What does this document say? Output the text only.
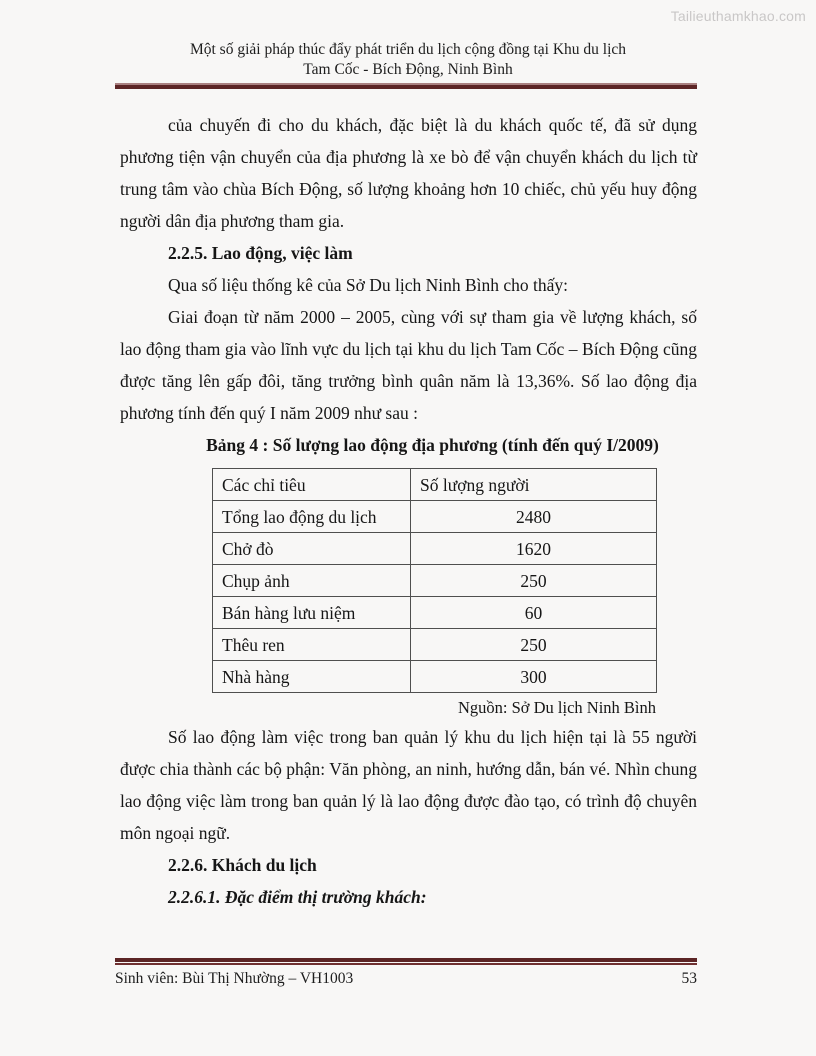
Tailieuthamkhao.com
Một số giải pháp thúc đẩy phát triển du lịch cộng đồng tại Khu du lịch
Tam Cốc - Bích Động, Ninh Bình

của chuyến đi cho du khách, đặc biệt là du khách quốc tế, đã sử dụng phương tiện vận chuyển của địa phương là xe bò để vận chuyển khách du lịch từ trung tâm vào chùa Bích Động, số lượng khoảng hơn 10 chiếc, chủ yếu huy động người dân địa phương tham gia.

2.2.5. Lao động, việc làm

Qua số liệu thống kê của Sở Du lịch Ninh Bình cho thấy:

Giai đoạn từ năm 2000 – 2005, cùng với sự tham gia về lượng khách, số lao động tham gia vào lĩnh vực du lịch tại khu du lịch Tam Cốc – Bích Động cũng được tăng lên gấp đôi, tăng trưởng bình quân năm là 13,36%. Số lao động địa phương tính đến quý I năm 2009 như sau :

Bảng 4 : Số lượng lao động địa phương (tính đến quý I/2009)

Các chỉ tiêu	Số lượng người
Tổng lao động du lịch	2480
Chở đò	1620
Chụp ảnh	250
Bán hàng lưu niệm	60
Thêu ren	250
Nhà hàng	300
Nguồn: Sở Du lịch Ninh Bình

Số lao động làm việc trong ban quản lý khu du lịch hiện tại là 55 người được chia thành các bộ phận: Văn phòng, an ninh, hướng dẫn, bán vé. Nhìn chung lao động việc làm trong ban quản lý là lao động được đào tạo, có trình độ chuyên môn ngoại ngữ.

2.2.6. Khách du lịch

2.2.6.1. Đặc điểm thị trường khách:

Sinh viên: Bùi Thị Nhường – VH1003	53
